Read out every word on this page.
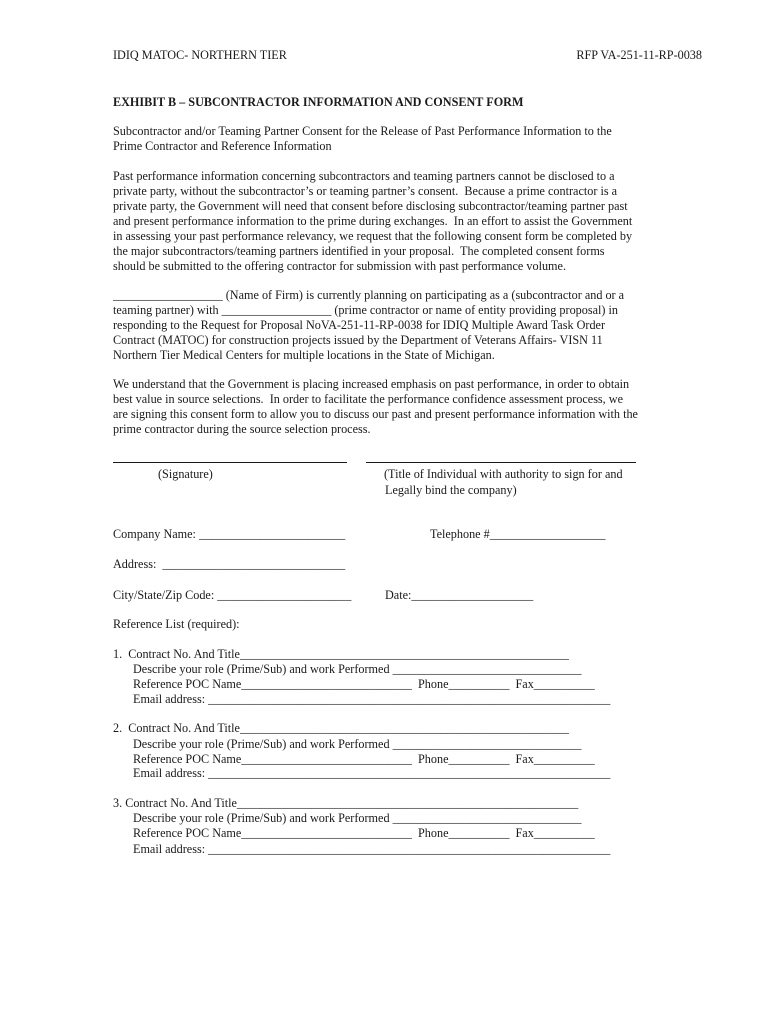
IDIQ MATOC- NORTHERN TIER	RFP VA-251-11-RP-0038
EXHIBIT B – SUBCONTRACTOR INFORMATION AND CONSENT FORM
Subcontractor and/or Teaming Partner Consent for the Release of Past Performance Information to the
Prime Contractor and Reference Information
Past performance information concerning subcontractors and teaming partners cannot be disclosed to a
private party, without the subcontractor’s or teaming partner’s consent.  Because a prime contractor is a
private party, the Government will need that consent before disclosing subcontractor/teaming partner past
and present performance information to the prime during exchanges.  In an effort to assist the Government
in assessing your past performance relevancy, we request that the following consent form be completed by
the major subcontractors/teaming partners identified in your proposal.  The completed consent forms
should be submitted to the offering contractor for submission with past performance volume.
__________________ (Name of Firm) is currently planning on participating as a (subcontractor and or a
teaming partner) with __________________ (prime contractor or name of entity providing proposal) in
responding to the Request for Proposal NoVA-251-11-RP-0038 for IDIQ Multiple Award Task Order
Contract (MATOC) for construction projects issued by the Department of Veterans Affairs- VISN 11
Northern Tier Medical Centers for multiple locations in the State of Michigan.
We understand that the Government is placing increased emphasis on past performance, in order to obtain
best value in source selections.  In order to facilitate the performance confidence assessment process, we
are signing this consent form to allow you to discuss our past and present performance information with the
prime contractor during the source selection process.
(Signature)	(Title of Individual with authority to sign for and
Legally bind the company)
Company Name: ________________________	Telephone #___________________
Address:  ______________________________
City/State/Zip Code: ______________________	Date:____________________
Reference List (required):
1.  Contract No. And Title______________________________________________________
Describe your role (Prime/Sub) and work Performed _______________________________
Reference POC Name____________________________  Phone__________  Fax__________
Email address: __________________________________________________________________
2.  Contract No. And Title______________________________________________________
Describe your role (Prime/Sub) and work Performed _______________________________
Reference POC Name____________________________  Phone__________  Fax__________
Email address: __________________________________________________________________
3. Contract No. And Title________________________________________________________
Describe your role (Prime/Sub) and work Performed _______________________________
Reference POC Name____________________________  Phone__________  Fax__________
Email address: __________________________________________________________________
